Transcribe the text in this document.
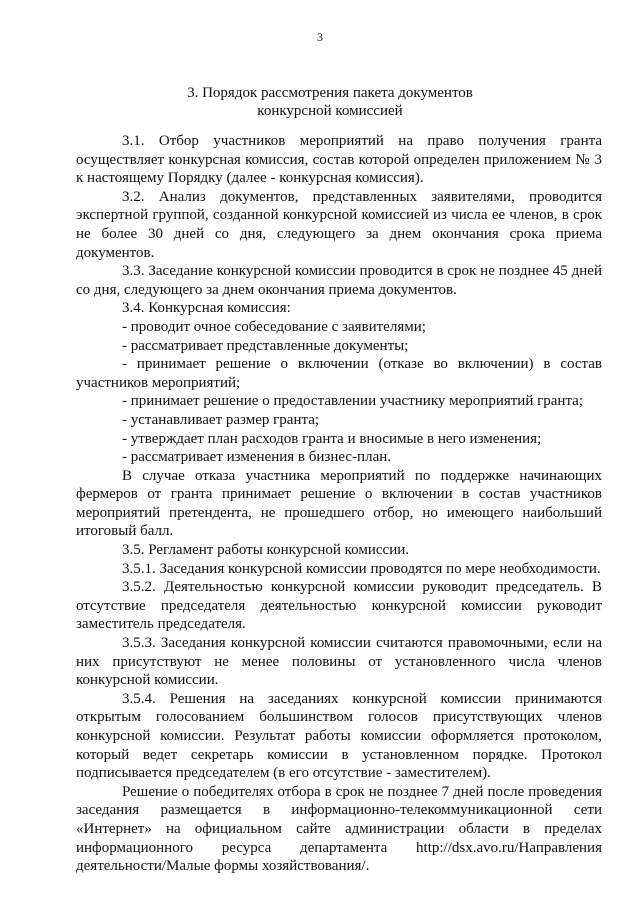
3
3. Порядок рассмотрения пакета документов
конкурсной комиссией

3.1. Отбор участников мероприятий на право получения гранта осуществляет конкурсная комиссия, состав которой определен приложением № 3 к настоящему Порядку (далее - конкурсная комиссия).

3.2. Анализ документов, представленных заявителями, проводится экспертной группой, созданной конкурсной комиссией из числа ее членов, в срок не более 30 дней со дня, следующего за днем окончания срока приема документов.

3.3. Заседание конкурсной комиссии проводится в срок не позднее 45 дней со дня, следующего за днем окончания приема документов.

3.4. Конкурсная комиссия:

- проводит очное собеседование с заявителями;

- рассматривает представленные документы;

- принимает решение о включении (отказе во включении) в состав участников мероприятий;

- принимает решение о предоставлении участнику мероприятий гранта;

- устанавливает размер гранта;

- утверждает план расходов гранта и вносимые в него изменения;

- рассматривает изменения в бизнес-план.

В случае отказа участника мероприятий по поддержке начинающих фермеров от гранта принимает решение о включении в состав участников мероприятий претендента, не прошедшего отбор, но имеющего наибольший итоговый балл.

3.5. Регламент работы конкурсной комиссии.

3.5.1. Заседания конкурсной комиссии проводятся по мере необходимости.

3.5.2. Деятельностью конкурсной комиссии руководит председатель. В отсутствие председателя деятельностью конкурсной комиссии руководит заместитель председателя.

3.5.3. Заседания конкурсной комиссии считаются правомочными, если на них присутствуют не менее половины от установленного числа членов конкурсной комиссии.

3.5.4. Решения на заседаниях конкурсной комиссии принимаются открытым голосованием большинством голосов присутствующих членов конкурсной комиссии. Результат работы комиссии оформляется протоколом, который ведет секретарь комиссии в установленном порядке. Протокол подписывается председателем (в его отсутствие - заместителем).

Решение о победителях отбора в срок не позднее 7 дней после проведения заседания размещается в информационно-телекоммуникационной сети «Интернет» на официальном сайте администрации области в пределах информационного ресурса департамента http://dsx.avo.ru/Направления деятельности/Малые формы хозяйствования/.
